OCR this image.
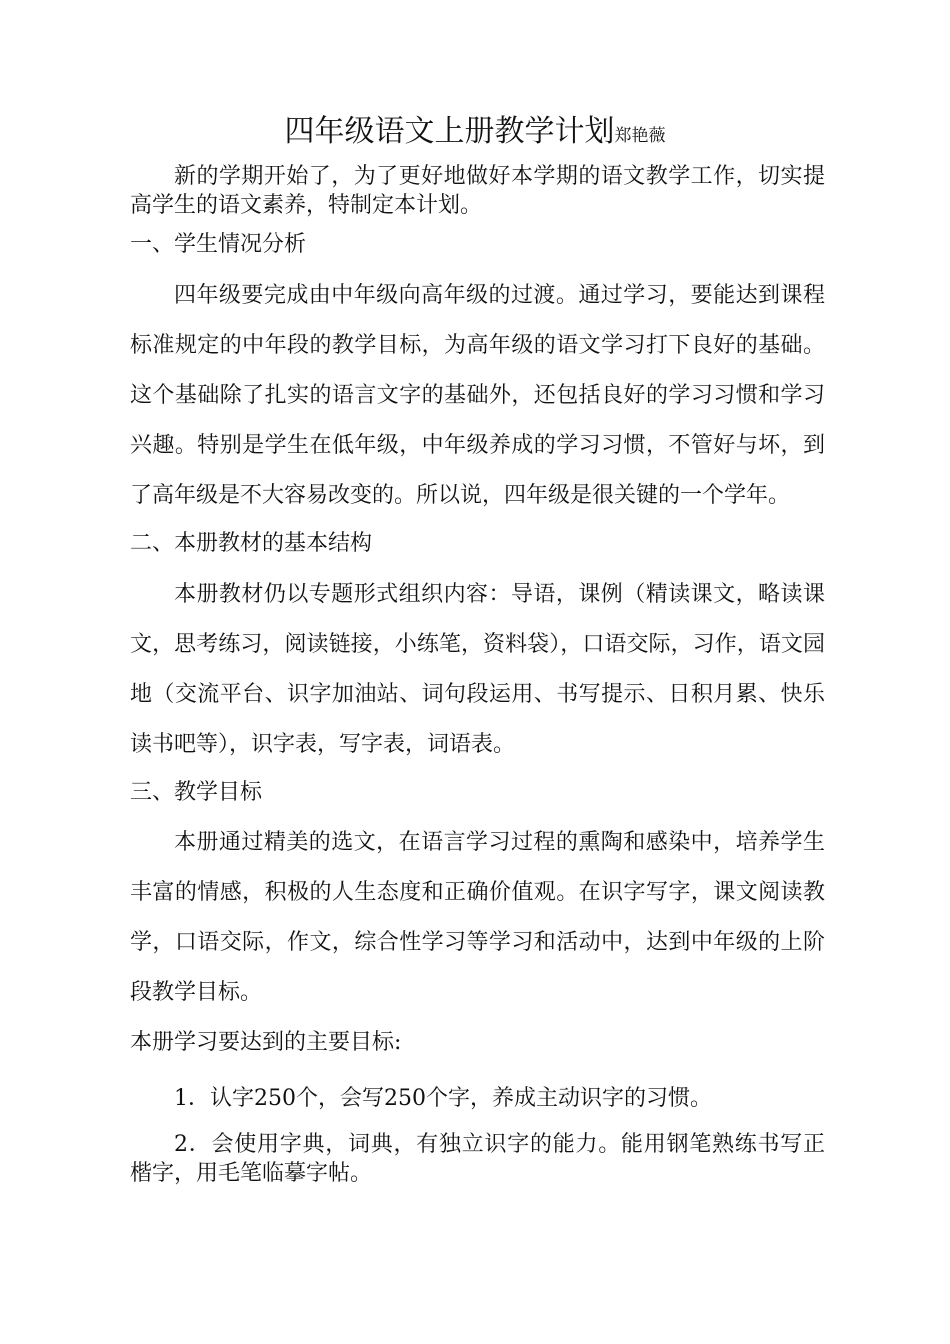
四年级语文上册教学计划郑艳薇

新的学期开始了，为了更好地做好本学期的语文教学工作，切实提高学生的语文素养，特制定本计划。

一、学生情况分析

四年级要完成由中年级向高年级的过渡。通过学习，要能达到课程标准规定的中年段的教学目标，为高年级的语文学习打下良好的基础。这个基础除了扎实的语言文字的基础外，还包括良好的学习习惯和学习兴趣。特别是学生在低年级，中年级养成的学习习惯，不管好与坏，到了高年级是不大容易改变的。所以说，四年级是很关键的一个学年。

二、本册教材的基本结构

本册教材仍以专题形式组织内容：导语，课例（精读课文，略读课文，思考练习，阅读链接，小练笔，资料袋），口语交际，习作，语文园地（交流平台、识字加油站、词句段运用、书写提示、日积月累、快乐读书吧等），识字表，写字表，词语表。

三、教学目标

本册通过精美的选文，在语言学习过程的熏陶和感染中，培养学生丰富的情感，积极的人生态度和正确价值观。在识字写字，课文阅读教学，口语交际，作文，综合性学习等学习和活动中，达到中年级的上阶段教学目标。

本册学习要达到的主要目标:

1．认字250个，会写250个字，养成主动识字的习惯。

2．会使用字典，词典，有独立识字的能力。能用钢笔熟练书写正楷字，用毛笔临摹字帖。
